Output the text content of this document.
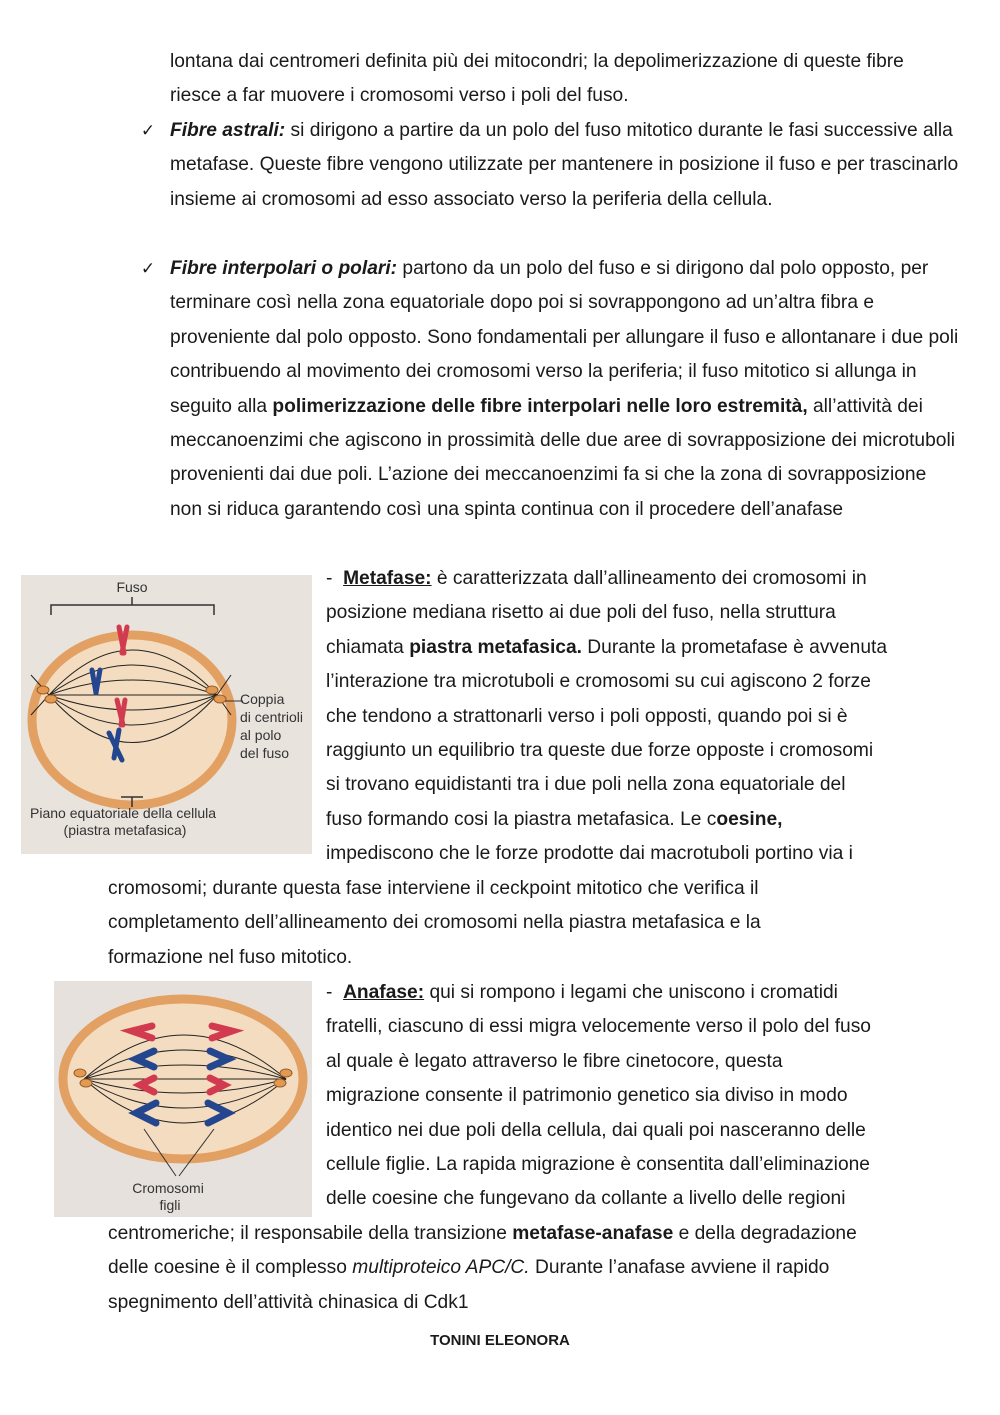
lontana dai centromeri definita più dei mitocondri; la depolimerizzazione di queste fibre riesce a far muovere i cromosomi verso i poli del fuso.

✓ Fibre astrali: si dirigono a partire da un polo del fuso mitotico durante le fasi successive alla metafase. Queste fibre vengono utilizzate per mantenere in posizione il fuso e per trascinarlo insieme ai cromosomi ad esso associato verso la periferia della cellula.

✓ Fibre interpolari o polari: partono da un polo del fuso e si dirigono dal polo opposto, per terminare così nella zona equatoriale dopo poi si sovrappongono ad un’altra fibra e proveniente dal polo opposto. Sono fondamentali per allungare il fuso e allontanare i due poli contribuendo al movimento dei cromosomi verso la periferia; il fuso mitotico si allunga in seguito alla polimerizzazione delle fibre interpolari nelle loro estremità, all’attività dei meccanoenzimi che agiscono in prossimità delle due aree di sovrapposizione dei microtuboli provenienti dai due poli. L’azione dei meccanoenzimi fa si che la zona di sovrapposizione non si riduca garantendo così una spinta continua con il procedere dell’anafase

Fuso
Coppia di centrioli al polo del fuso
Piano equatoriale della cellula (piastra metafasica)
- Metafase: è caratterizzata dall’allineamento dei cromosomi in
posizione mediana risetto ai due poli del fuso, nella struttura
chiamata piastra metafasica. Durante la prometafase è avvenuta
l’interazione tra microtuboli e cromosomi su cui agiscono 2 forze
che tendono a strattonarli verso i poli opposti, quando poi si è
raggiunto un equilibrio tra queste due forze opposte i cromosomi
si trovano equidistanti tra i due poli nella zona equatoriale del
fuso formando cosi la piastra metafasica. Le coesine,
impediscono che le forze prodotte dai macrotuboli portino via i
cromosomi; durante questa fase interviene il ceckpoint mitotico che verifica il
completamento dell’allineamento dei cromosomi nella piastra metafasica e la
formazione nel fuso mitotico.
Cromosomi figli
- Anafase: qui si rompono i legami che uniscono i cromatidi
fratelli, ciascuno di essi migra velocemente verso il polo del fuso
al quale è legato attraverso le fibre cinetocore, questa
migrazione consente il patrimonio genetico sia diviso in modo
identico nei due poli della cellula, dai quali poi nasceranno delle
cellule figlie. La rapida migrazione è consentita dall’eliminazione
delle coesine che fungevano da collante a livello delle regioni
centromeriche; il responsabile della transizione metafase-anafase e della degradazione
delle coesine è il complesso multiproteico APC/C. Durante l’anafase avviene il rapido
spegnimento dell’attività chinasica di Cdk1
TONINI ELEONORA
